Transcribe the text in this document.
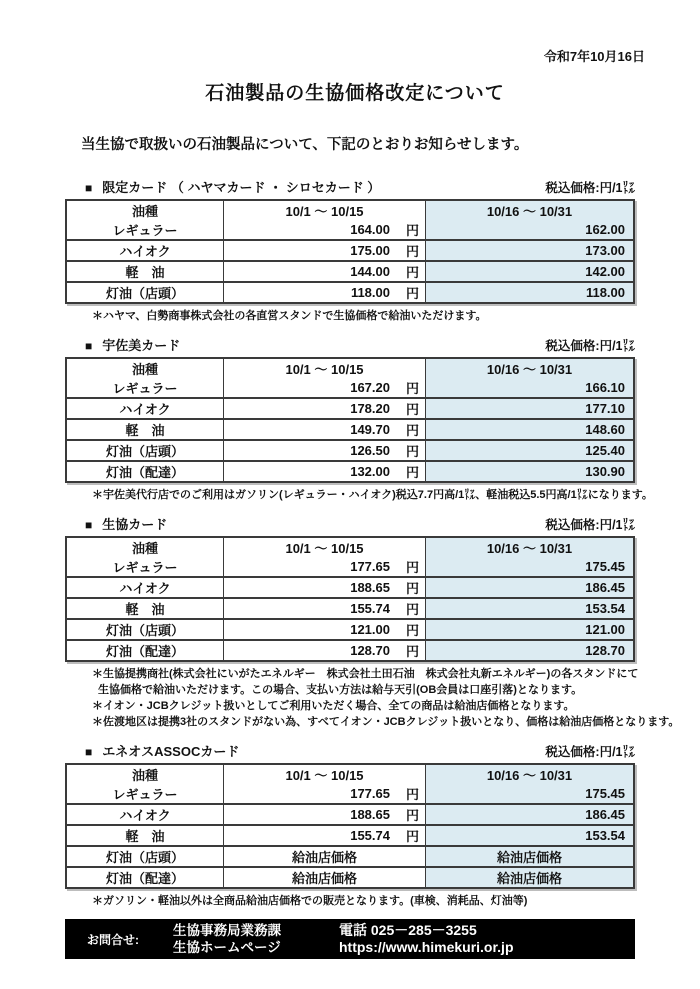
令和7年10月16日
石油製品の生協価格改定について
当生協で取扱いの石油製品について、下記のとおりお知らせします。
■ 限定カード （ ハヤマカード ・ シロセカード ）	税込価格:円/1㍑
油種	10/1 ～ 10/15	10/16 ～ 10/31
レギュラー	164.00 円	162.00
ハイオク	175.00 円	173.00
軽　油	144.00 円	142.00
灯油（店頭）	118.00 円	118.00
＊ハヤマ、白勢商事株式会社の各直営スタンドで生協価格で給油いただけます。
■ 宇佐美カード	税込価格:円/1㍑
油種	10/1 ～ 10/15	10/16 ～ 10/31
レギュラー	167.20 円	166.10
ハイオク	178.20 円	177.10
軽　油	149.70 円	148.60
灯油（店頭）	126.50 円	125.40
灯油（配達）	132.00 円	130.90
＊宇佐美代行店でのご利用はガソリン(レギュラー・ハイオク)税込7.7円高/1㍑、軽油税込5.5円高/1㍑になります。
■ 生協カード	税込価格:円/1㍑
油種	10/1 ～ 10/15	10/16 ～ 10/31
レギュラー	177.65 円	175.45
ハイオク	188.65 円	186.45
軽　油	155.74 円	153.54
灯油（店頭）	121.00 円	121.00
灯油（配達）	128.70 円	128.70
＊生協提携商社(株式会社にいがたエネルギー　株式会社土田石油　株式会社丸新エネルギー)の各スタンドにて
生協価格で給油いただけます。この場合、支払い方法は給与天引(OB会員は口座引落)となります。
＊イオン・JCBクレジット扱いとしてご利用いただく場合、全ての商品は給油店価格となります。
＊佐渡地区は提携3社のスタンドがない為、すべてイオン・JCBクレジット扱いとなり、価格は給油店価格となります。
■ エネオスASSOCカード	税込価格:円/1㍑
油種	10/1 ～ 10/15	10/16 ～ 10/31
レギュラー	177.65 円	175.45
ハイオク	188.65 円	186.45
軽　油	155.74 円	153.54
灯油（店頭）	給油店価格	給油店価格
灯油（配達）	給油店価格	給油店価格
＊ガソリン・軽油以外は全商品給油店価格での販売となります。(車検、消耗品、灯油等)
お問合せ:
生協事務局業務課
生協ホームページ
電話 025－285－3255
https://www.himekuri.or.jp
